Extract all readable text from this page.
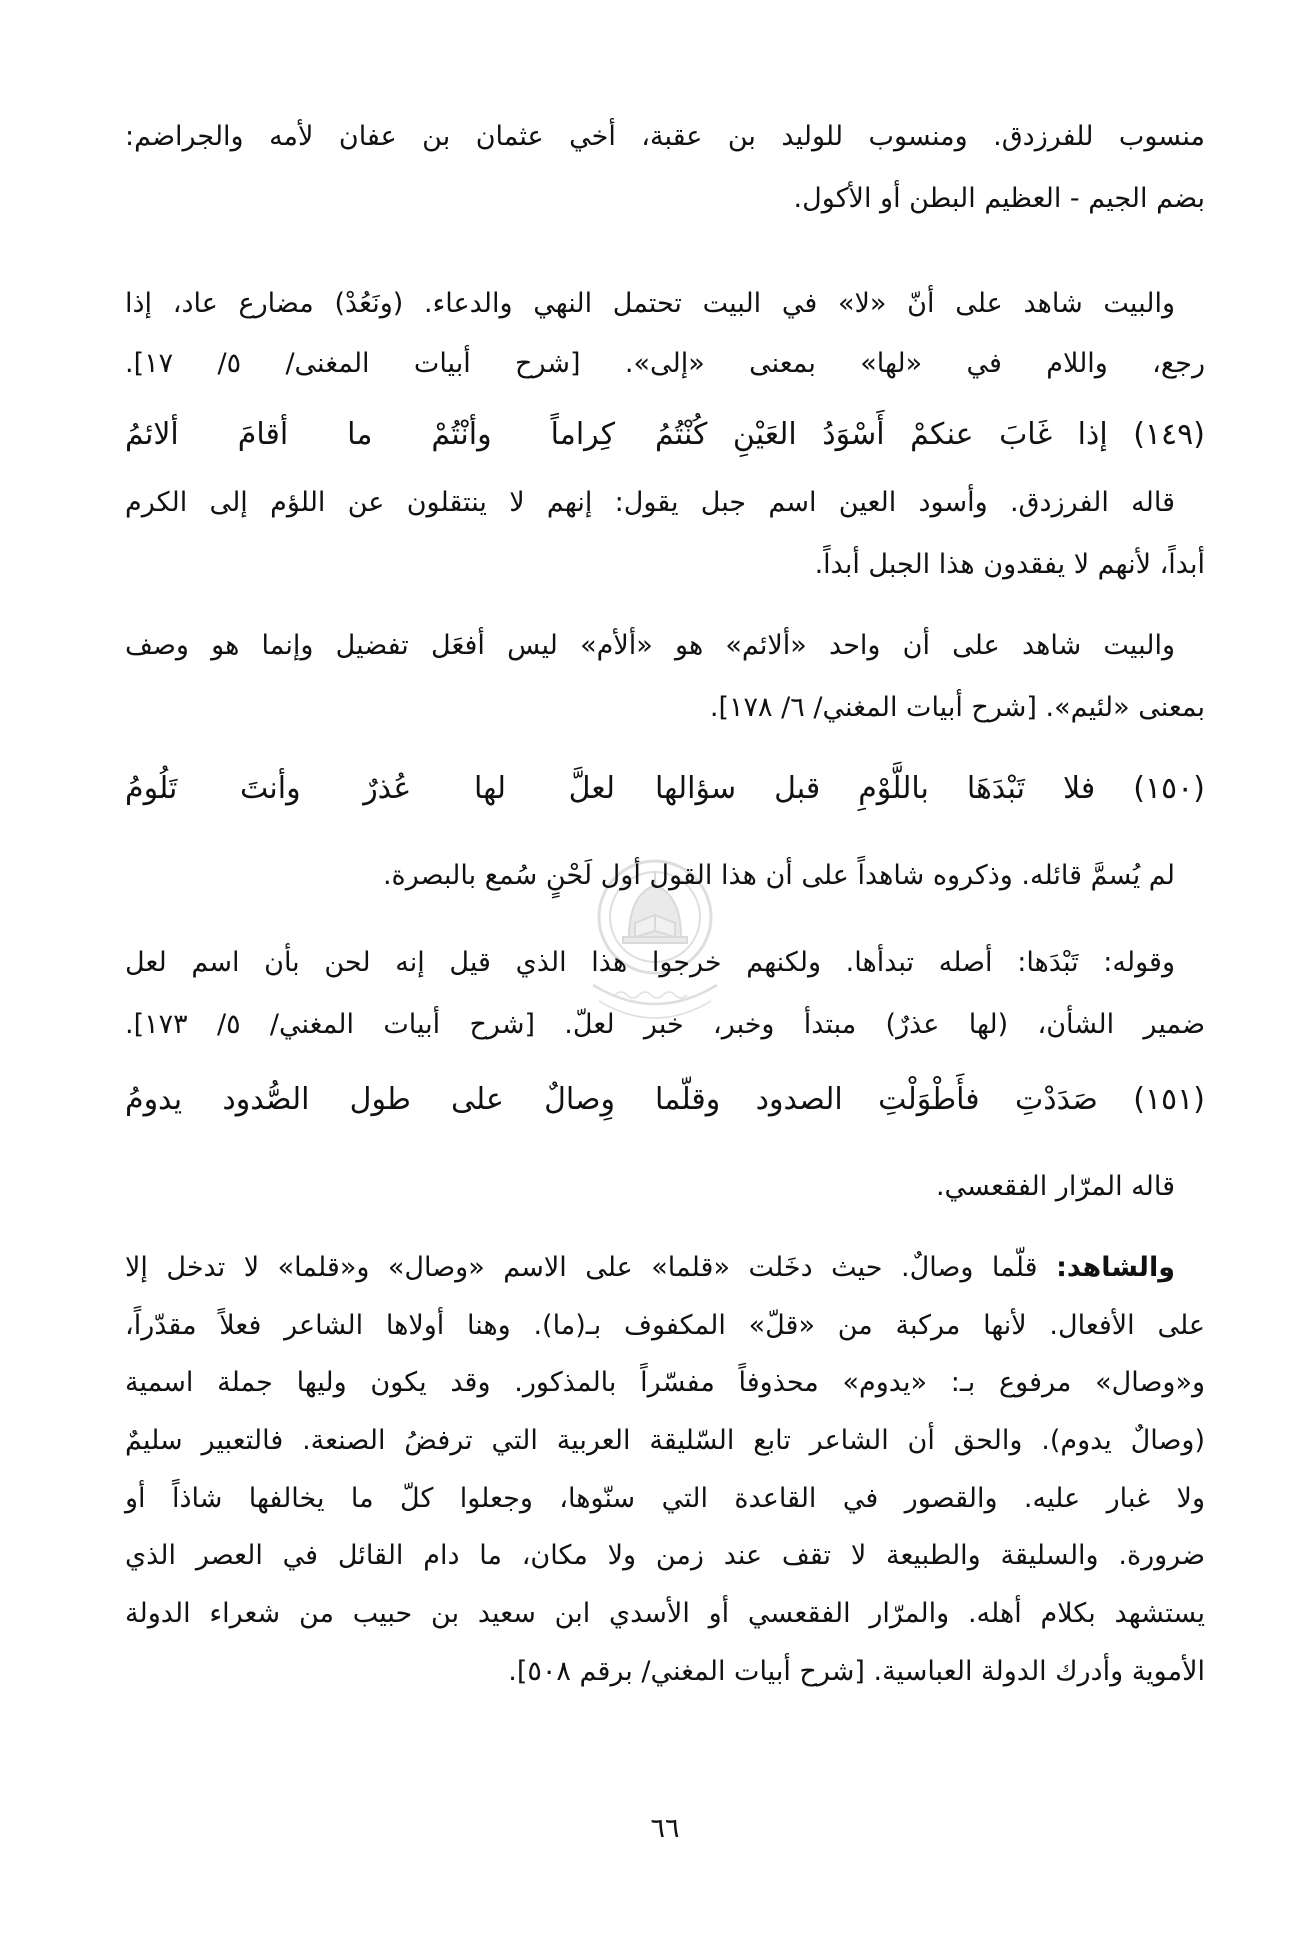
منسوب للفرزدق. ومنسوب للوليد بن عقبة، أخي عثمان بن عفان لأمه والجراضم:
بضم الجيم - العظيم البطن أو الأكول.
والبيت شاهد على أنّ «لا» في البيت تحتمل النهي والدعاء. (ونَعُدْ) مضارع عاد، إذا
رجع، واللام في «لها» بمعنى «إلى». [شرح أبيات المغنى/ ٥/ ١٧].
(١٤٩) إذا غَابَ عنكمْ أَسْوَدُ العَيْنِ كُنْتُمُ
كِراماً وأنْتُمْ ما أقامَ ألائمُ
قاله الفرزدق. وأسود العين اسم جبل يقول: إنهم لا ينتقلون عن اللؤم إلى الكرم
أبداً، لأنهم لا يفقدون هذا الجبل أبداً.
والبيت شاهد على أن واحد «ألائم» هو «ألأم» ليس أفعَل تفضيل وإنما هو وصف
بمعنى «لئيم». [شرح أبيات المغني/ ٦/ ١٧٨].
(١٥٠) فلا تَبْدَهَا باللَّوْمِ قبل سؤالها
لعلَّ لها عُذرٌ وأنتَ تَلُومُ
لم يُسمَّ قائله. وذكروه شاهداً على أن هذا القول أول لَحْنٍ سُمع بالبصرة.
وقوله: تَبْدَها: أصله تبدأها. ولكنهم خرجوا هذا الذي قيل إنه لحن بأن اسم لعل
ضمير الشأن، (لها عذرٌ) مبتدأ وخبر، خبر لعلّ. [شرح أبيات المغني/ ٥/ ١٧٣].
(١٥١) صَدَدْتِ فأَطْوَلْتِ الصدود وقلّما
وِصالٌ على طول الصُّدود يدومُ
قاله المرّار الفقعسي.
والشاهد: قلّما وصالٌ. حيث دخَلت «قلما» على الاسم «وصال» و«قلما» لا تدخل إلا
على الأفعال. لأنها مركبة من «قلّ» المكفوف بـ(ما). وهنا أولاها الشاعر فعلاً مقدّراً،
و«وصال» مرفوع بـ: «يدوم» محذوفاً مفسّراً بالمذكور. وقد يكون وليها جملة اسمية
(وصالٌ يدوم). والحق أن الشاعر تابع السّليقة العربية التي ترفضُ الصنعة. فالتعبير سليمٌ
ولا غبار عليه. والقصور في القاعدة التي سنّوها، وجعلوا كلّ ما يخالفها شاذاً أو
ضرورة. والسليقة والطبيعة لا تقف عند زمن ولا مكان، ما دام القائل في العصر الذي
يستشهد بكلام أهله. والمرّار الفقعسي أو الأسدي ابن سعيد بن حبيب من شعراء الدولة
الأموية وأدرك الدولة العباسية. [شرح أبيات المغني/ برقم ٥٠٨].
٦٦
